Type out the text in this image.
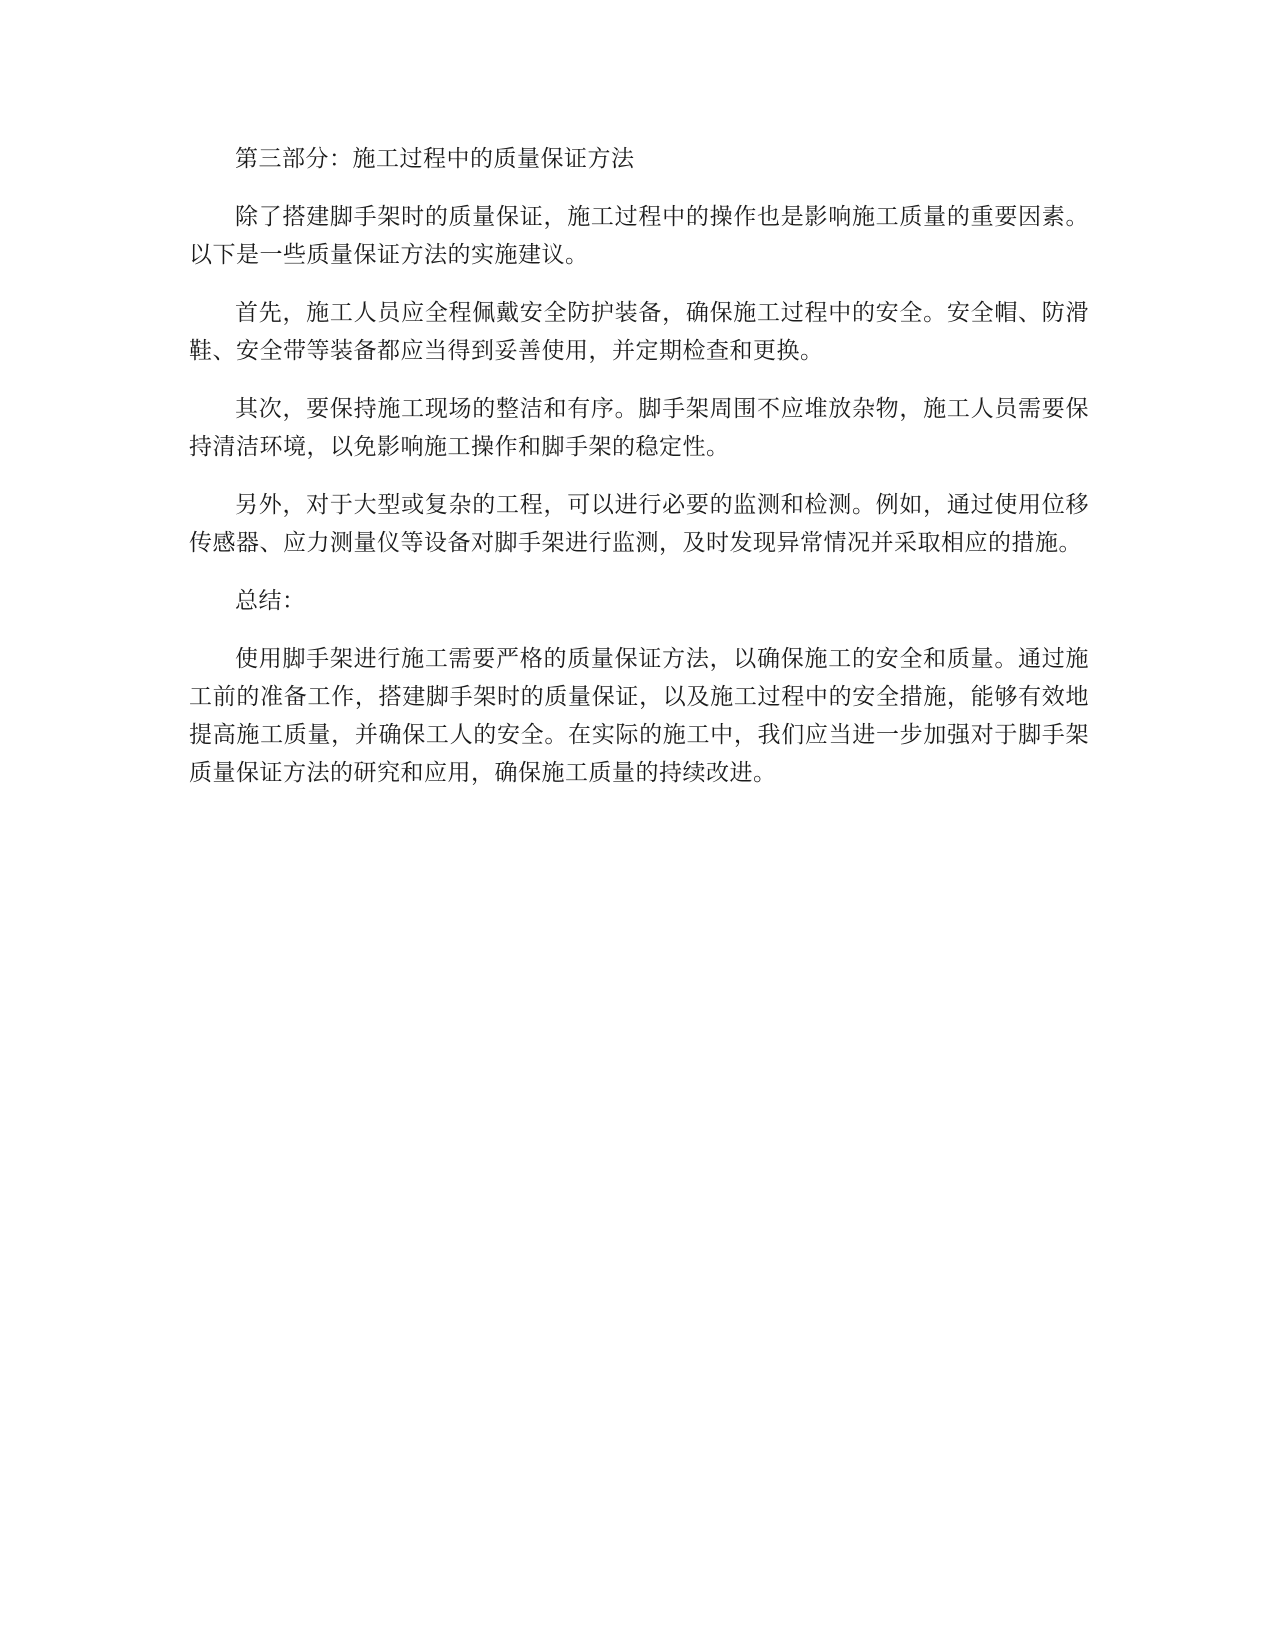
第三部分：施工过程中的质量保证方法

除了搭建脚手架时的质量保证，施工过程中的操作也是影响施工质量的重要因素。以下是一些质量保证方法的实施建议。

首先，施工人员应全程佩戴安全防护装备，确保施工过程中的安全。安全帽、防滑鞋、安全带等装备都应当得到妥善使用，并定期检查和更换。

其次，要保持施工现场的整洁和有序。脚手架周围不应堆放杂物，施工人员需要保持清洁环境，以免影响施工操作和脚手架的稳定性。

另外，对于大型或复杂的工程，可以进行必要的监测和检测。例如，通过使用位移传感器、应力测量仪等设备对脚手架进行监测，及时发现异常情况并采取相应的措施。

总结：

使用脚手架进行施工需要严格的质量保证方法，以确保施工的安全和质量。通过施工前的准备工作，搭建脚手架时的质量保证，以及施工过程中的安全措施，能够有效地提高施工质量，并确保工人的安全。在实际的施工中，我们应当进一步加强对于脚手架质量保证方法的研究和应用，确保施工质量的持续改进。
